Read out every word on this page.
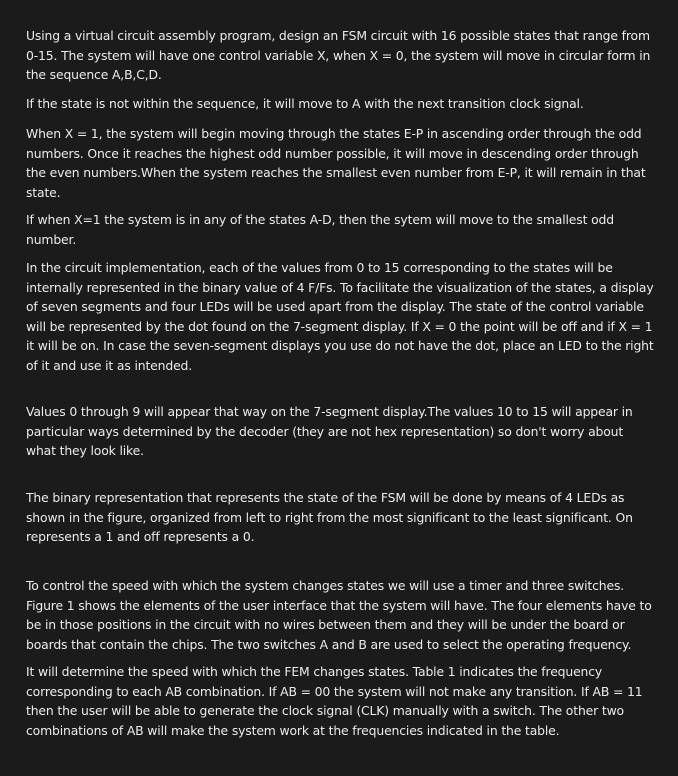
Using a virtual circuit assembly program, design an FSM circuit with 16 possible states that range from 0-15. The system will have one control variable X, when X = 0, the system will move in circular form in the sequence A,B,C,D.

If the state is not within the sequence, it will move to A with the next transition clock signal.

When X = 1, the system will begin moving through the states E-P in ascending order through the odd numbers. Once it reaches the highest odd number possible, it will move in descending order through the even numbers.When the system reaches the smallest even number from E-P, it will remain in that state.

If when X=1 the system is in any of the states A-D, then the sytem will move to the smallest odd number.

In the circuit implementation, each of the values from 0 to 15 corresponding to the states will be internally represented in the binary value of 4 F/Fs. To facilitate the visualization of the states, a display of seven segments and four LEDs will be used apart from the display. The state of the control variable will be represented by the dot found on the 7-segment display. If X = 0 the point will be off and if X = 1 it will be on. In case the seven-segment displays you use do not have the dot, place an LED to the right of it and use it as intended.

Values 0 through 9 will appear that way on the 7-segment display.The values 10 to 15 will appear in particular ways determined by the decoder (they are not hex representation) so don't worry about what they look like.

The binary representation that represents the state of the FSM will be done by means of 4 LEDs as shown in the figure, organized from left to right from the most significant to the least significant. On represents a 1 and off represents a 0.

To control the speed with which the system changes states we will use a timer and three switches. Figure 1 shows the elements of the user interface that the system will have. The four elements have to be in those positions in the circuit with no wires between them and they will be under the board or boards that contain the chips. The two switches A and B are used to select the operating frequency.

It will determine the speed with which the FEM changes states. Table 1 indicates the frequency corresponding to each AB combination. If AB = 00 the system will not make any transition. If AB = 11 then the user will be able to generate the clock signal (CLK) manually with a switch. The other two combinations of AB will make the system work at the frequencies indicated in the table.
